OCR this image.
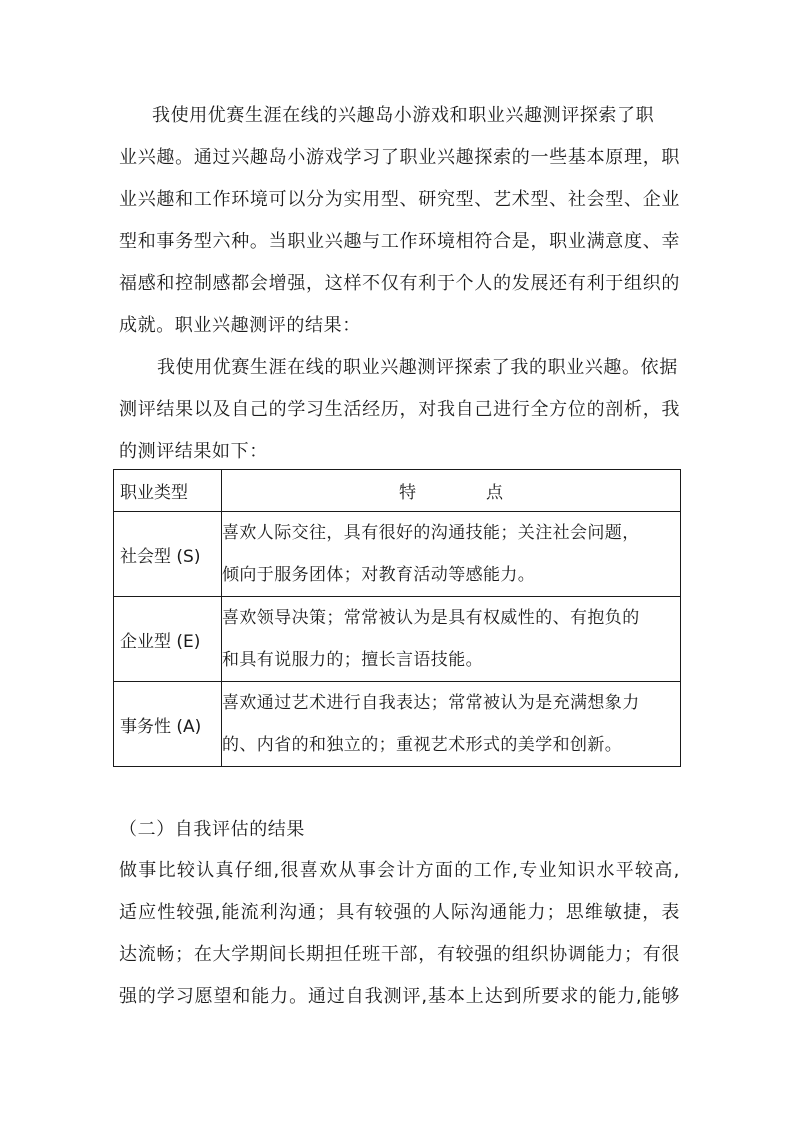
我使用优赛生涯在线的兴趣岛小游戏和职业兴趣测评探索了职
业兴趣。通过兴趣岛小游戏学习了职业兴趣探索的一些基本原理，职
业兴趣和工作环境可以分为实用型、研究型、艺术型、社会型、企业
型和事务型六种。当职业兴趣与工作环境相符合是，职业满意度、幸
福感和控制感都会增强，这样不仅有利于个人的发展还有利于组织的
成就。职业兴趣测评的结果：
我使用优赛生涯在线的职业兴趣测评探索了我的职业兴趣。依据
测评结果以及自己的学习生活经历，对我自己进行全方位的剖析，我
的测评结果如下：
职业类型	特 点
社会型 (S)	喜欢人际交往，具有很好的沟通技能；关注社会问题，
倾向于服务团体；对教育活动等感能力。

企业型 (E)	喜欢领导决策；常常被认为是具有权威性的、有抱负的
和具有说服力的；擅长言语技能。

事务性 (A)	喜欢通过艺术进行自我表达；常常被认为是充满想象力
的、内省的和独立的；重视艺术形式的美学和创新。
（二）自我评估的结果
做事比较认真仔细,很喜欢从事会计方面的工作,专业知识水平较高,
适应性较强,能流利沟通；具有较强的人际沟通能力；思维敏捷，表
达流畅；在大学期间长期担任班干部，有较强的组织协调能力；有很
强的学习愿望和能力。通过自我测评,基本上达到所要求的能力,能够
